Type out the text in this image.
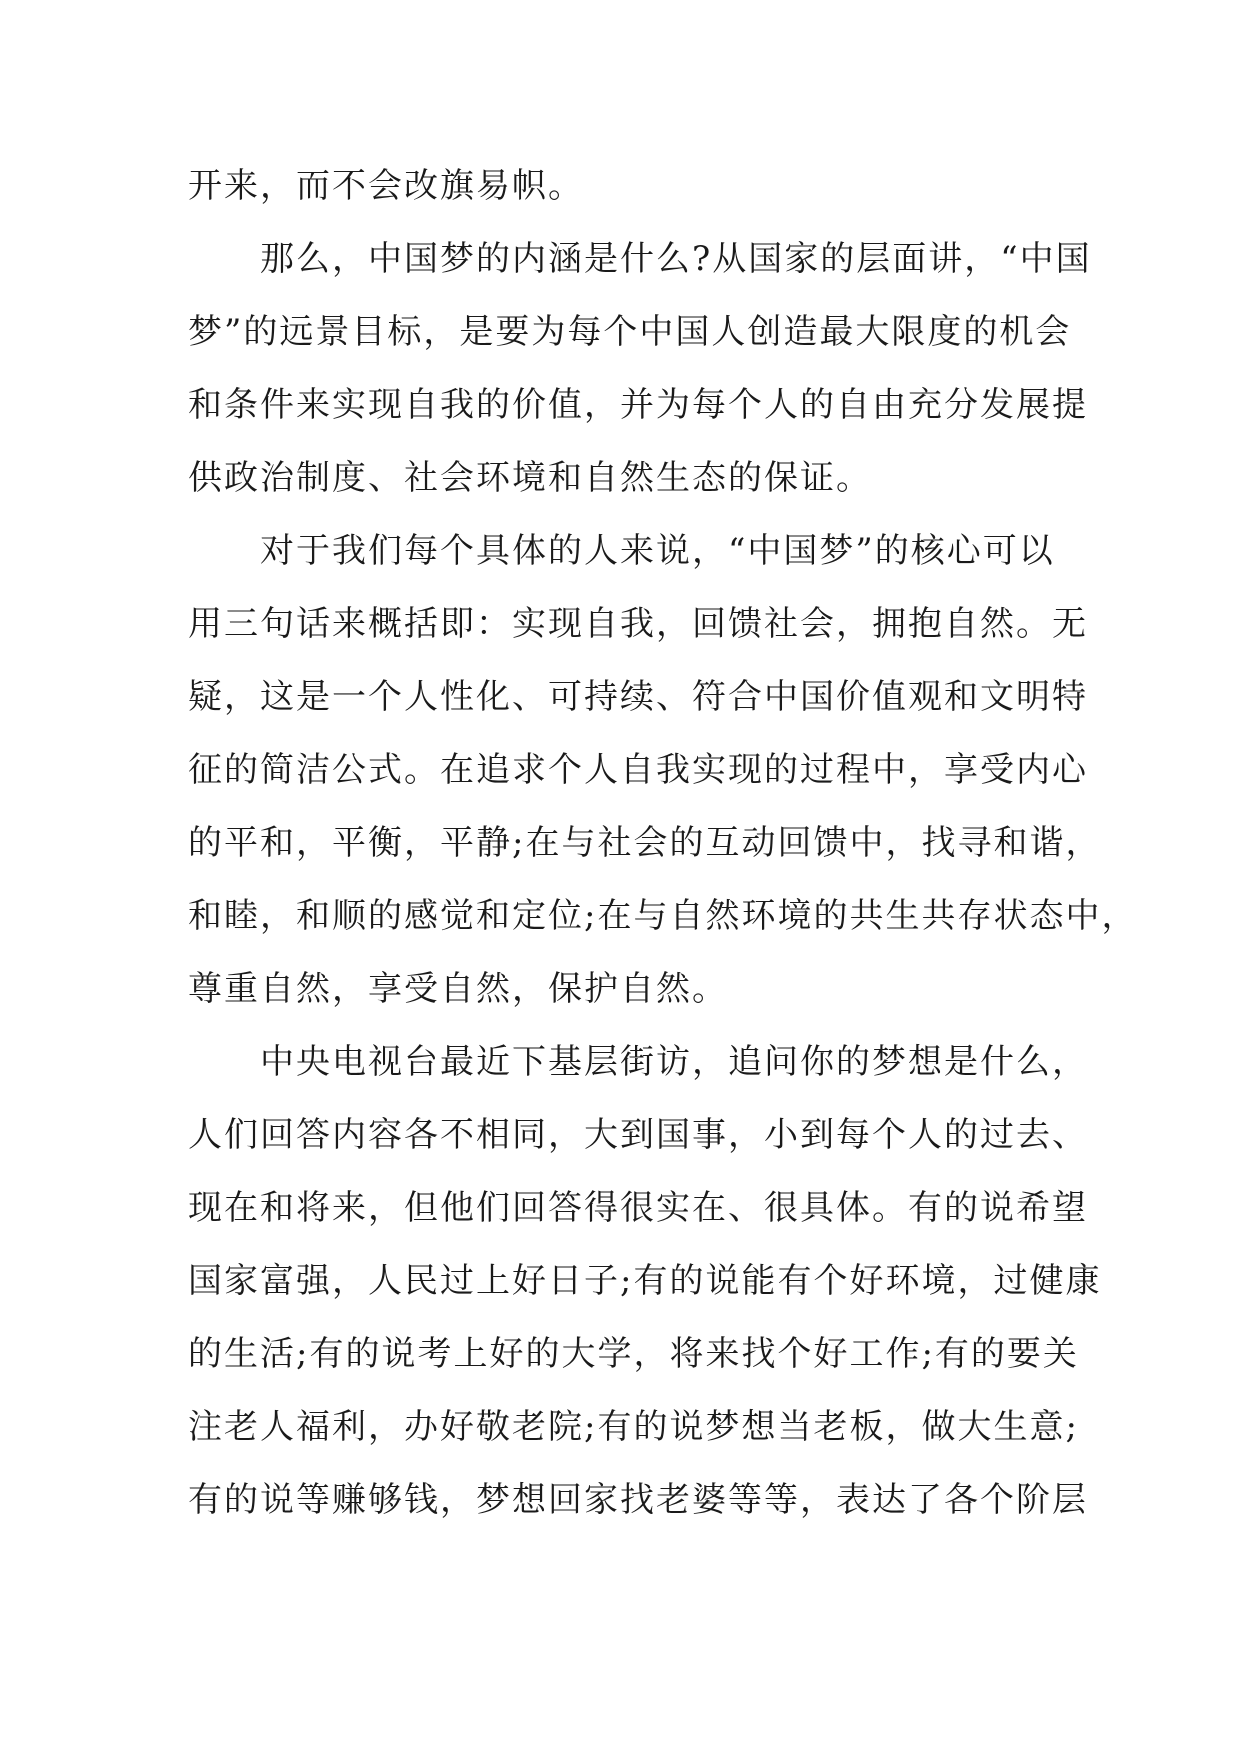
开来，而不会改旗易帜。
那么，中国梦的内涵是什么?从国家的层面讲，“中国
梦”的远景目标，是要为每个中国人创造最大限度的机会
和条件来实现自我的价值，并为每个人的自由充分发展提
供政治制度、社会环境和自然生态的保证。
对于我们每个具体的人来说，“中国梦”的核心可以
用三句话来概括即：实现自我，回馈社会，拥抱自然。无
疑，这是一个人性化、可持续、符合中国价值观和文明特
征的简洁公式。在追求个人自我实现的过程中，享受内心
的平和，平衡，平静;在与社会的互动回馈中，找寻和谐，
和睦，和顺的感觉和定位;在与自然环境的共生共存状态中，
尊重自然，享受自然，保护自然。
中央电视台最近下基层街访，追问你的梦想是什么，
人们回答内容各不相同，大到国事，小到每个人的过去、
现在和将来，但他们回答得很实在、很具体。有的说希望
国家富强，人民过上好日子;有的说能有个好环境，过健康
的生活;有的说考上好的大学，将来找个好工作;有的要关
注老人福利，办好敬老院;有的说梦想当老板，做大生意;
有的说等赚够钱，梦想回家找老婆等等，表达了各个阶层
